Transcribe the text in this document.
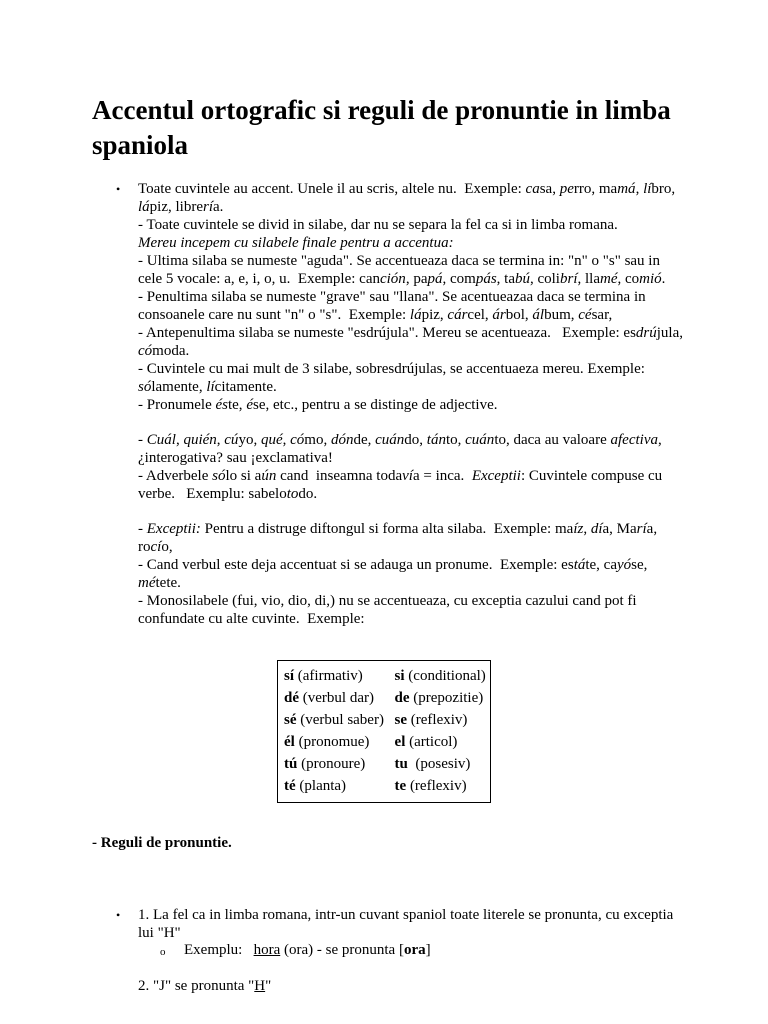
Accentul ortografic si reguli de pronuntie in limba spaniola
• Toate cuvintele au accent. Unele il au scris, altele nu.  Exemple: casa, perro, mamá, líbro, lápiz, librería.

- Toate cuvintele se divid in silabe, dar nu se separa la fel ca si in limba romana.

Mereu incepem cu silabele finale pentru a accentua:

- Ultima silaba se numeste "aguda". Se accentueaza daca se termina in: "n" o "s" sau in cele 5 vocale: a, e, i, o, u.  Exemple: canción, papá, compás, tabú, colibrí, llamé, comió.

- Penultima silaba se numeste "grave" sau "llana". Se acentueazaa daca se termina in consoanele care nu sunt "n" o "s".  Exemple: lápiz, cárcel, árbol, álbum, césar,

- Antepenultima silaba se numeste "esdrújula". Mereu se acentueaza.   Exemple: esdrújula, cómoda.

- Cuvintele cu mai mult de 3 silabe, sobresdrújulas, se accentuaeza mereu. Exemple: sólamente, lícitamente.

- Pronumele éste, ése, etc., pentru a se distinge de adjective.

- Cuál, quién, cúyo, qué, cómo, dónde, cuándo, tánto, cuánto, daca au valoare afectiva, ¿interogativa? sau ¡exclamativa!

- Adverbele sólo si aún cand  inseamna todavía = inca.  Exceptii: Cuvintele compuse cu verbe.   Exemplu: sabelotodo.

- Exceptii: Pentru a distruge diftongul si forma alta silaba.  Exemple: maíz, día, María, rocío,

- Cand verbul este deja accentuat si se adauga un pronume.  Exemple: estáte, cayóse, métete.

- Monosilabele (fui, vio, dio, di,) nu se accentueaza, cu exceptia cazului cand pot fi confundate cu alte cuvinte.  Exemple:

sí (afirmativ)	si (conditional)
dé (verbul dar)	de (prepozitie)
sé (verbul saber)	se (reflexiv)
él (pronomue)	el (articol)
tú (pronoure)	tu  (posesiv)
té (planta)	te (reflexiv)
- Reguli de pronuntie.
• 1. La fel ca in limba romana, intr-un cuvant spaniol toate literele se pronunta, cu exceptia lui "H"
o Exemplu:   hora (ora) - se pronunta [ora]
2. "J" se pronunta "H"
